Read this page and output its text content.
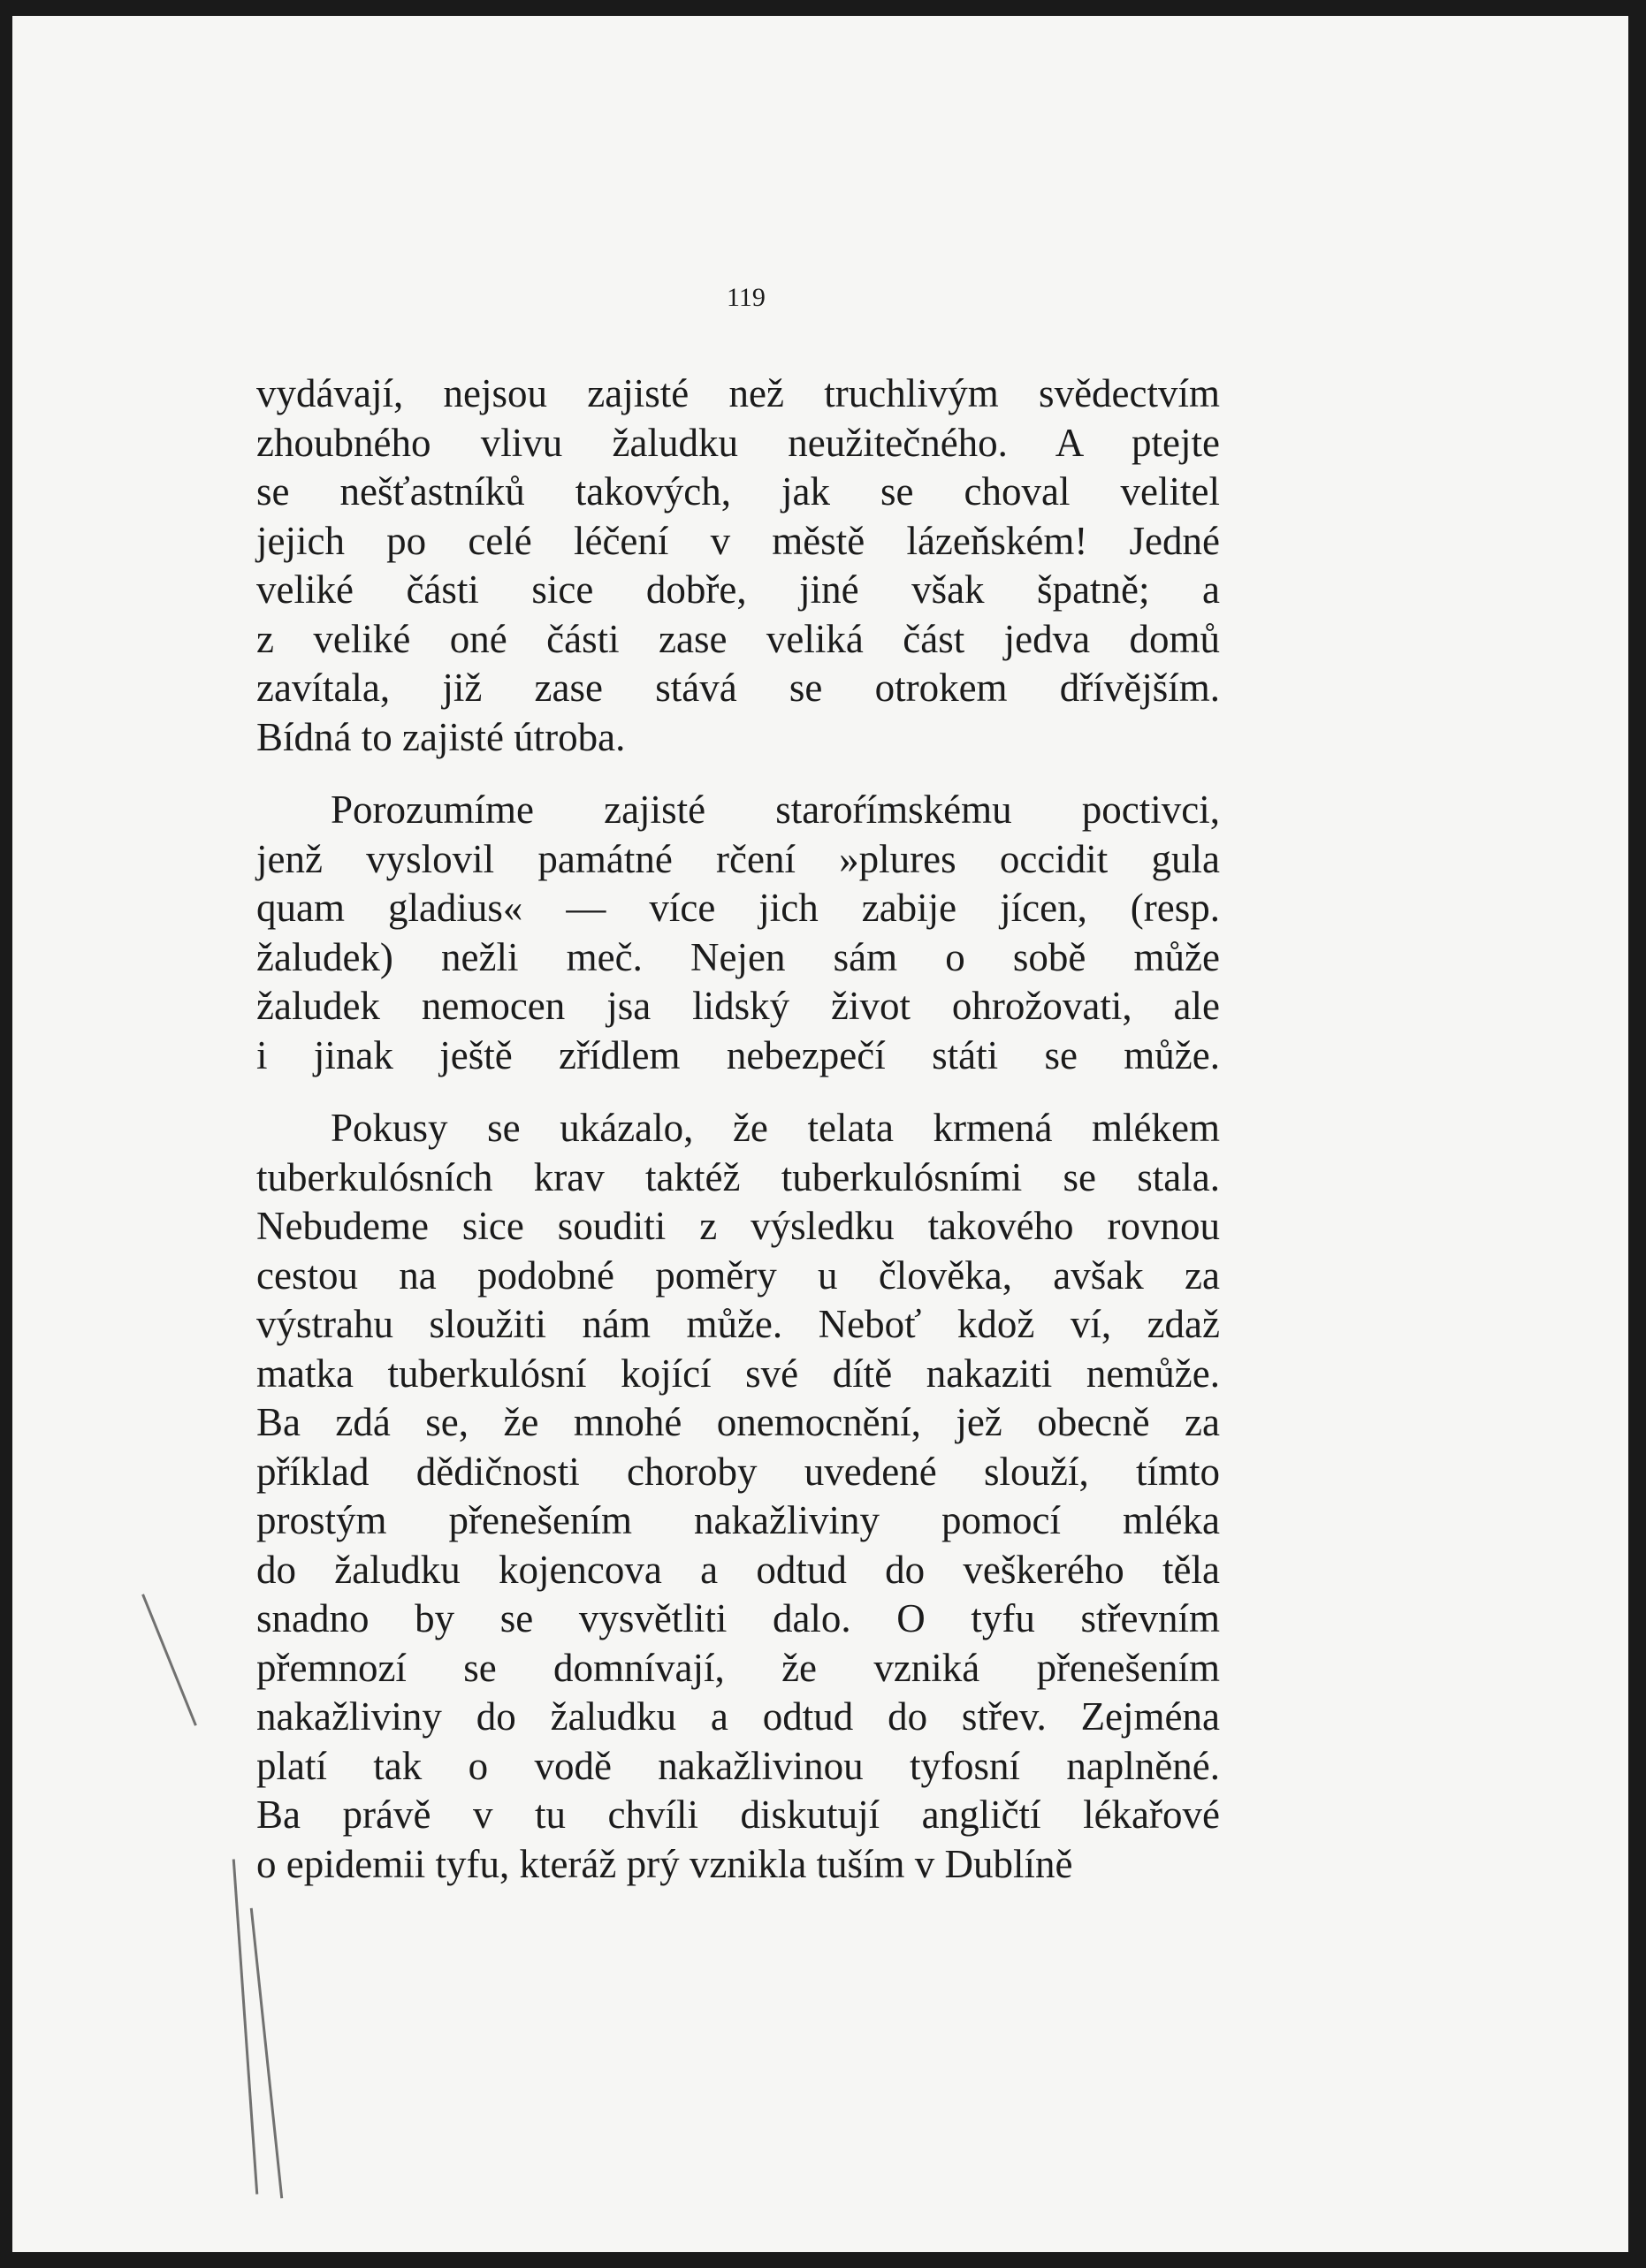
119

vydávají, nejsou zajisté než truchlivým svědectvím
zhoubného vlivu žaludku neužitečného. A ptejte
se nešťastníků takových, jak se choval velitel
jejich po celé léčení v městě lázeňském! Jedné
veliké části sice dobře, jiné však špatně; a
z veliké oné části zase veliká část jedva domů
zavítala, již zase stává se otrokem dřívějším.
Bídná to zajisté útroba.

Porozumíme zajisté staroŕímskému poctivci,
jenž vyslovil památné rčení »plures occidit gula
quam gladius« — více jich zabije jícen, (resp.
žaludek) nežli meč. Nejen sám o sobě může
žaludek nemocen jsa lidský život ohrožovati, ale
i jinak ještě zřídlem nebezpečí státi se může.

Pokusy se ukázalo, že telata krmená mlékem
tuberkulósních krav taktéž tuberkulósními se stala.
Nebudeme sice souditi z výsledku takového rovnou
cestou na podobné poměry u člověka, avšak za
výstrahu sloužiti nám může. Neboť kdož ví, zdaž
matka tuberkulósní kojící své dítě nakaziti nemůže.
Ba zdá se, že mnohé onemocnění, jež obecně za
příklad dědičnosti choroby uvedené slouží, tímto
prostým přenešením nakažliviny pomocí mléka
do žaludku kojencova a odtud do veškerého těla
snadno by se vysvětliti dalo. O tyfu střevním
přemnozí se domnívají, že vzniká přenešením
nakažliviny do žaludku a odtud do střev. Zejména
platí tak o vodě nakažlivinou tyfosní naplněné.
Ba právě v tu chvíli diskutují angličtí lékařové
o epidemii tyfu, kteráž prý vznikla tuším v Dublíně
